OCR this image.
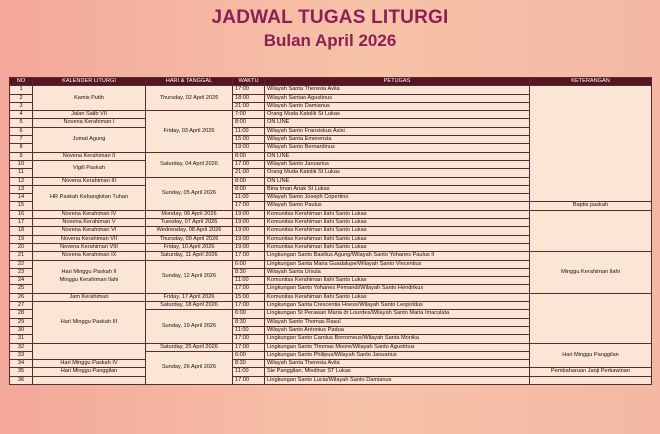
JADWAL TUGAS LITURGI
Bulan April 2026
NO	KALENDER LITURGI	HARI & TANGGAL	WAKTU	PETUGAS	KETERANGAN
1	Kamis Putih	Thursday, 02 April 2026	17:00	Wilayah Santa Theresia Avila	
2			18:00	Wilayah Santao Agustinus	
3			21:00	Wilayah Santo Damianus	
4	Jalan Salib VII	Friday, 03 April 2026	7:00	Orang Muda Katolik St Lukas	
5	Novena Kerahiman I		8:00	ON LINE	
6	Jumat Agung		11:00	Wilayah Santo Fransiskus Asisi	
7			15:00	Wilayah Santa Emerensia	
8			19:00	Wilayah Santo Bernardinus	
9	Novena Kerahiman II	Saturday, 04 April 2026	8:00	ON LINE	
10	Vigili Paskah		17:00	Wilayah Santo Januarius	
11			21:00	Orang Muda Katolik St Lukas	
12	Novena Kerahiman III	Sunday, 05 April 2026	8:00	ON LINE	
13	HR Paskah Kebangkitan Tuhan		8:00	Bina Iman Anak St Lukas	
14			11:00	Wilayah Santo Joseph Copertino	
15			17:00	Wilayah Santo Paulus	Baptis paskah
16	Novena Kerahiman IV	Monday, 06 April 2026	19:00	Komunitas Kerahiman Ilahi Santo Lukas	
17	Novena Kerahiman V	Tuesday, 07 April 2026	19:00	Komunitas Kerahiman Ilahi Santo Lukas	
18	Novena Kerahiman VI	Wednesday, 08 April 2026	19:00	Komunitas Kerahiman Ilahi Santo Lukas	
19	Novena Kerahiman VII	Thursday, 09 April 2026	19:00	Komunitas Kerahiman Ilahi Santo Lukas	
20	Novena Kerahiman VIII	Friday, 10 April 2026	19:00	Komunitas Kerahiman Ilahi Santo Lukas	
21	Novena Kerahiman IX	Saturday, 11 April 2026	17:00	Lingkungan Santo Basilius Agung/Wilayah Santo Yohanes Paulus II	Minggu Kerahiman Ilahi
22	Hari Minggu Paskah II
Minggu Kerahiman Ilahi	Sunday, 12 April 2026	6:00	Lingkungan Santa Maria Guadalupe/Wilayah Santo Vincentius	
23			8:30	Wilayah Santa Ursula	
24			11:00	Komunitas Kerahiman Ilahi Santo Lukas	
25			17:00	Lingkungan Santo Yohanes Pemandi/Wilayah Santo Hendrikus	
26	Jam Kerahiman	Friday, 17 April 2026	15:00	Komunitas Kerahiman Ilahi Santo Lukas	
27	Hari Minggu Paskah III	Saturday, 18 April 2026	17:00	Lingkungan Santa Crescentia Hoess/Wilayah Santo Leopoldus	
28		Sunday, 19 April 2026	6:00	Lingkungan St Perawan Maria dr Lourdes/Wilayah Santo Maria Imaculata	
29			8:30	Wilayah Santo Thomas Rasul	
30			11:00	Wilayah Santo Antonius Padua	
31			17:00	Lingkungan Santo Carolus Borromeus/Wilayah Santa Monika	
32		Saturday, 25 April 2026	17:00	Lingkungan Santo Thomas Moore/Wilayah Santo Agustinus	Hari Minggu Panggilan
33		Sunday, 26 April 2026	6:00	Lingkungan Santo Philipus/Wilayah Santo Januarius	
34	Hari Minggu Paskah IV		8:30	Wilayah Santa Theresia Avila	
35	Hari Minggu Panggilan		11:00	Sie Panggilan, Misdinar ST Lukas	Pembaharuan Janji Perkawinan
36			17:00	Lingkungan Santo Lucia/Wilayah Santo Damianus	
